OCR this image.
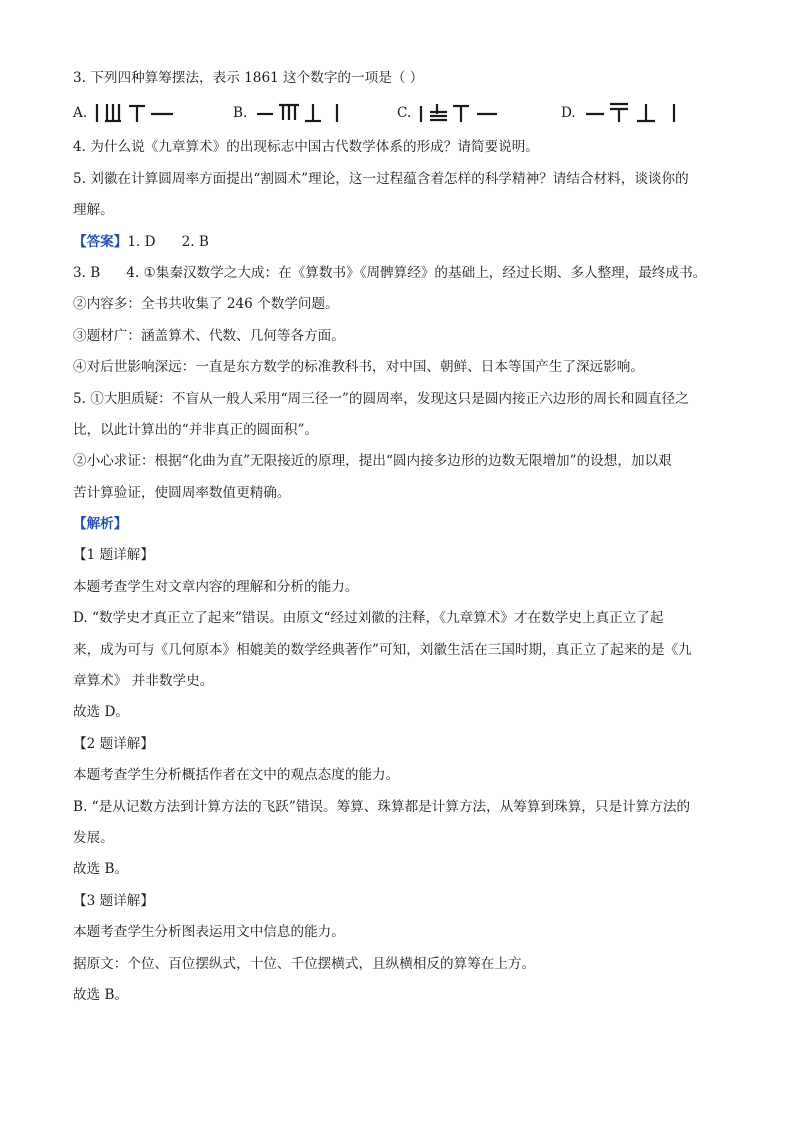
3. 下列四种算筹摆法，表示 1861 这个数字的一项是（ ）
A.	B.	C.	D.
4. 为什么说《九章算术》的出现标志中国古代数学体系的形成？请简要说明。
5. 刘徽在计算圆周率方面提出“割圆术”理论，这一过程蕴含着怎样的科学精神？请结合材料，谈谈你的
理解。
【答案】1. D 2. B
3. B 4. ①集秦汉数学之大成：在《算数书》《周髀算经》的基础上，经过长期、多人整理，最终成书。
②内容多：全书共收集了 246 个数学问题。
③题材广：涵盖算术、代数、几何等各方面。
④对后世影响深远：一直是东方数学的标准教科书，对中国、朝鲜、日本等国产生了深远影响。
5. ①大胆质疑：不盲从一般人采用“周三径一”的圆周率，发现这只是圆内接正六边形的周长和圆直径之
比，以此计算出的“并非真正的圆面积”。
②小心求证：根据“化曲为直”无限接近的原理，提出“圆内接多边形的边数无限增加”的设想，加以艰
苦计算验证，使圆周率数值更精确。
【解析】
【1 题详解】
本题考查学生对文章内容的理解和分析的能力。
D. “数学史才真正立了起来”错误。由原文“经过刘徽的注释，《九章算术》才在数学史上真正立了起
来，成为可与《几何原本》相媲美的数学经典著作”可知，刘徽生活在三国时期，真正立了起来的是《九
章算术》 并非数学史。
故选 D。
【2 题详解】
本题考查学生分析概括作者在文中的观点态度的能力。
B. “是从记数方法到计算方法的飞跃”错误。筹算、珠算都是计算方法，从筹算到珠算，只是计算方法的
发展。
故选 B。
【3 题详解】
本题考查学生分析图表运用文中信息的能力。
据原文：个位、百位摆纵式，十位、千位摆横式，且纵横相反的算筹在上方。
故选 B。
